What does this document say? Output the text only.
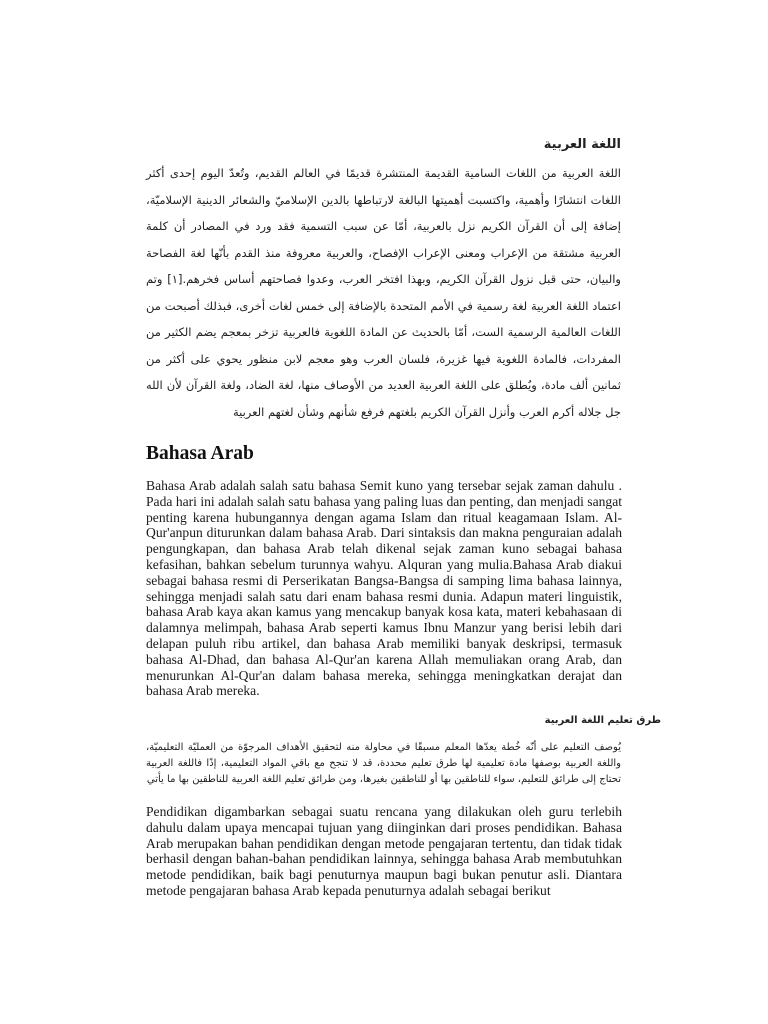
اللغة العربية

اللغة العربية من اللغات السامية القديمة المنتشرة قديمًا في العالم القديم، وتُعدّ اليوم إحدى أكثر اللغات انتشارًا وأهمية، واكتسبت أهميتها البالغة لارتباطها بالدين الإسلاميّ والشعائر الدينية الإسلاميّة، إضافة إلى أن القرآن الكريم نزل بالعربية، أمّا عن سبب التسمية فقد ورد في المصادر أن كلمة العربية مشتقة من الإعراب ومعنى الإعراب الإفصاح، والعربية معروفة منذ القدم بأنّها لغة الفصاحة والبيان، حتى قبل نزول القرآن الكريم، وبهذا افتخر العرب، وعدوا فصاحتهم أساس فخرهم.[١] وتم اعتماد اللغة العربية لغة رسمية في الأمم المتحدة بالإضافة إلى خمس لغات أخرى، فبذلك أصبحت من اللغات العالمية الرسمية الست، أمّا بالحديث عن المادة اللغوية فالعربية تزخر بمعجم يضم الكثير من المفردات، فالمادة اللغوية فيها غزيرة، فلسان العرب وهو معجم لابن منظور يحوي على أكثر من ثمانين ألف مادة، ويُطلق على اللغة العربية العديد من الأوصاف منها، لغة الضاد، ولغة القرآن لأن الله جل جلاله أكرم العرب وأنزل القرآن الكريم بلغتهم فرفع شأنهم وشأن لغتهم العربية

Bahasa Arab

Bahasa Arab adalah salah satu bahasa Semit kuno yang tersebar sejak zaman dahulu . Pada hari ini adalah salah satu bahasa yang paling luas dan penting, dan menjadi sangat penting karena hubungannya dengan agama Islam dan ritual keagamaan Islam. Al-Qur'anpun diturunkan dalam bahasa Arab. Dari sintaksis dan makna penguraian adalah pengungkapan, dan bahasa Arab telah dikenal sejak zaman kuno sebagai bahasa kefasihan, bahkan sebelum turunnya wahyu. Alquran yang mulia.Bahasa Arab diakui sebagai bahasa resmi di Perserikatan Bangsa-Bangsa di samping lima bahasa lainnya, sehingga menjadi salah satu dari enam bahasa resmi dunia. Adapun materi linguistik, bahasa Arab kaya akan kamus yang mencakup banyak kosa kata, materi kebahasaan di dalamnya melimpah, bahasa Arab seperti kamus Ibnu Manzur yang berisi lebih dari delapan puluh ribu artikel, dan bahasa Arab memiliki banyak deskripsi, termasuk bahasa Al-Dhad, dan bahasa Al-Qur'an karena Allah memuliakan orang Arab, dan menurunkan Al-Qur'an dalam bahasa mereka, sehingga meningkatkan derajat dan bahasa Arab mereka.

طرق تعليم اللغة العربية

يُوصف التعليم على أنّه خُطة يعدّها المعلم مسبقًا في محاولة منه لتحقيق الأهداف المرجوّة من العمليّة التعليميّة، واللغة العربية بوصفها مادة تعليمية لها طرق تعليم محددة، قد لا تنجح مع باقي المواد التعليمية، إذًا فاللغة العربية تحتاج إلى طرائق للتعليم، سواء للناطقين بها أو للناطقين بغيرها، ومن طرائق تعليم اللغة العربية للناطقين بها ما يأتي

Pendidikan digambarkan sebagai suatu rencana yang dilakukan oleh guru terlebih dahulu dalam upaya mencapai tujuan yang diinginkan dari proses pendidikan. Bahasa Arab merupakan bahan pendidikan dengan metode pengajaran tertentu, dan tidak tidak berhasil dengan bahan-bahan pendidikan lainnya, sehingga bahasa Arab membutuhkan metode pendidikan, baik bagi penuturnya maupun bagi bukan penutur asli. Diantara metode pengajaran bahasa Arab kepada penuturnya adalah sebagai berikut
